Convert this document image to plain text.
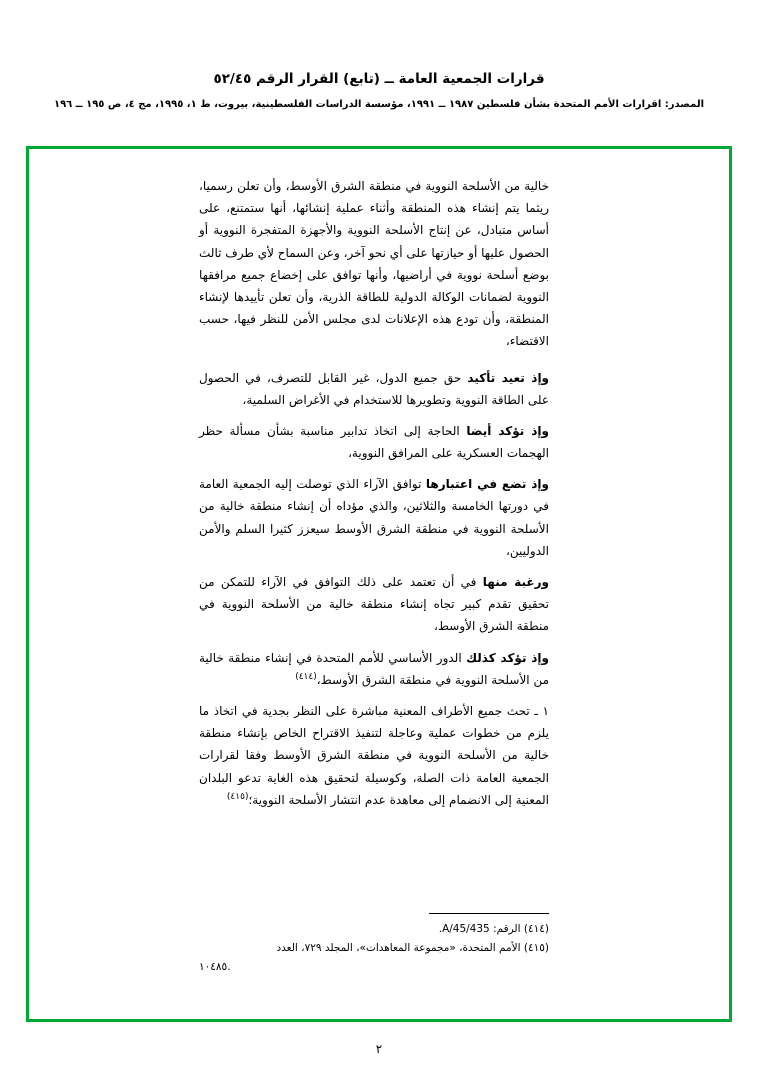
قرارات الجمعية العامة ــ (تابع) القرار الرقم ٥٢/٤٥
المصدر: اقرارات الأمم المتحدة بشأن فلسطين ١٩٨٧ ــ ١٩٩١، مؤسسة الدراسات الفلسطينية، بيروت، ط ١، ١٩٩٥، مج ٤، ص ١٩٥ ــ ١٩٦

خالية من الأسلحة النووية في منطقة الشرق الأوسط، وأن تعلن رسميا، ريثما يتم إنشاء هذه المنطقة وأثناء عملية إنشائها، أنها ستمتنع، على أساس متبادل، عن إنتاج الأسلحة النووية والأجهزة المتفجرة النووية أو الحصول عليها أو حيازتها على أي نحو آخر، وعن السماح لأي طرف ثالث بوضع أسلحة نووية في أراضيها، وأنها توافق على إخضاع جميع مرافقها النووية لضمانات الوكالة الدولية للطاقة الذرية، وأن تعلن تأييدها لإنشاء المنطقة، وأن تودع هذه الإعلانات لدى مجلس الأمن للنظر فيها، حسب الاقتضاء،

وإذ تعيد تأكيد حق جميع الدول، غير القابل للتصرف، في الحصول على الطاقة النووية وتطويرها للاستخدام في الأغراض السلمية،

وإذ تؤكد أيضا الحاجة إلى اتخاذ تدابير مناسبة بشأن مسألة حظر الهجمات العسكرية على المرافق النووية،

وإذ تضع في اعتبارها توافق الآراء الذي توصلت إليه الجمعية العامة في دورتها الخامسة والثلاثين، والذي مؤداه أن إنشاء منطقة خالية من الأسلحة النووية في منطقة الشرق الأوسط سيعزز كثيرا السلم والأمن الدوليين،

ورغبة منها في أن تعتمد على ذلك التوافق في الآراء للتمكن من تحقيق تقدم كبير تجاه إنشاء منطقة خالية من الأسلحة النووية في منطقة الشرق الأوسط،

وإذ تؤكد كذلك الدور الأساسي للأمم المتحدة في إنشاء منطقة خالية من الأسلحة النووية في منطقة الشرق الأوسط،$^{(٤١٤)}$

١ ـ تحث جميع الأطراف المعنية مباشرة على النظر بجدية في اتخاذ ما يلزم من خطوات عملية وعاجلة لتنفيذ الاقتراح الخاص بإنشاء منطقة خالية من الأسلحة النووية في منطقة الشرق الأوسط وفقا لقرارات الجمعية العامة ذات الصلة، وكوسيلة لتحقيق هذه الغاية تدعو البلدان المعنية إلى الانضمام إلى معاهدة عدم انتشار الأسلحة النووية؛$^{(٤١٥)}$

(٤١٤) الرقم: A/45/435.

(٤١٥) الأمم المتحدة، «مجموعة المعاهدات»، المجلد ٧٢٩، العدد

١٠٤٨٥.

٢
